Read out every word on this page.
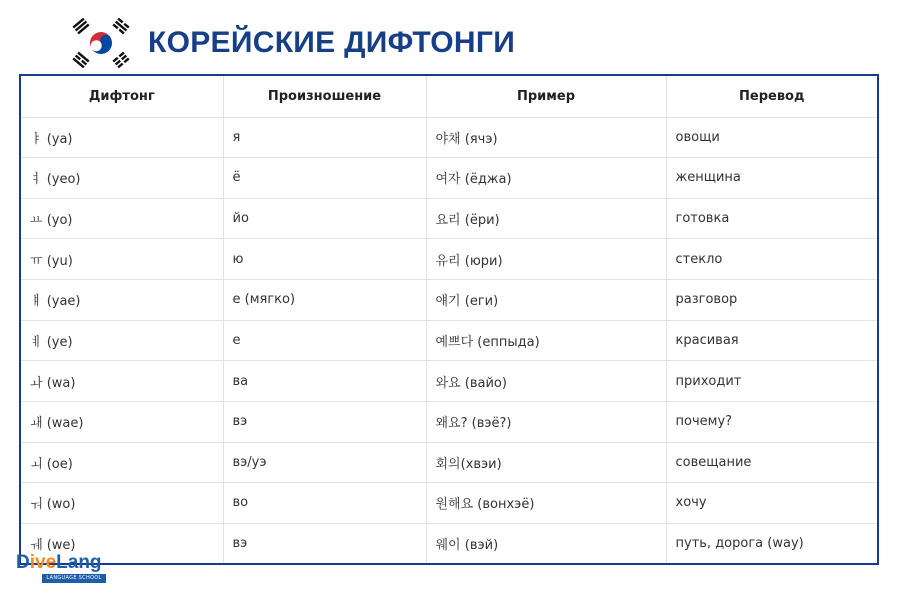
КОРЕЙСКИЕ ДИФТОНГИ
Дифтонг	Произношение	Пример	Перевод
ㅑ (ya)	я	야채 (ячэ)	овощи
ㅕ (yeo)	ё	여자 (ёджа)	женщина
ㅛ (yo)	йо	요리 (ёри)	готовка
ㅠ (yu)	ю	유리 (юри)	стекло
ㅒ (yae)	е (мягко)	얘기 (еги)	разговор
ㅖ (ye)	е	예쁘다 (еппыда)	красивая
ㅘ (wa)	ва	와요 (вайо)	приходит
ㅙ (wae)	вэ	왜요? (вэё?)	почему?
ㅚ (oe)	вэ/уэ	회의(хвэи)	совещание
ㅝ (wo)	во	원해요 (вонхэё)	хочу
ㅞ (we)	вэ	웨이 (вэй)	путь, дорога (way)
D ive Lang
LANGUAGE SCHOOL
